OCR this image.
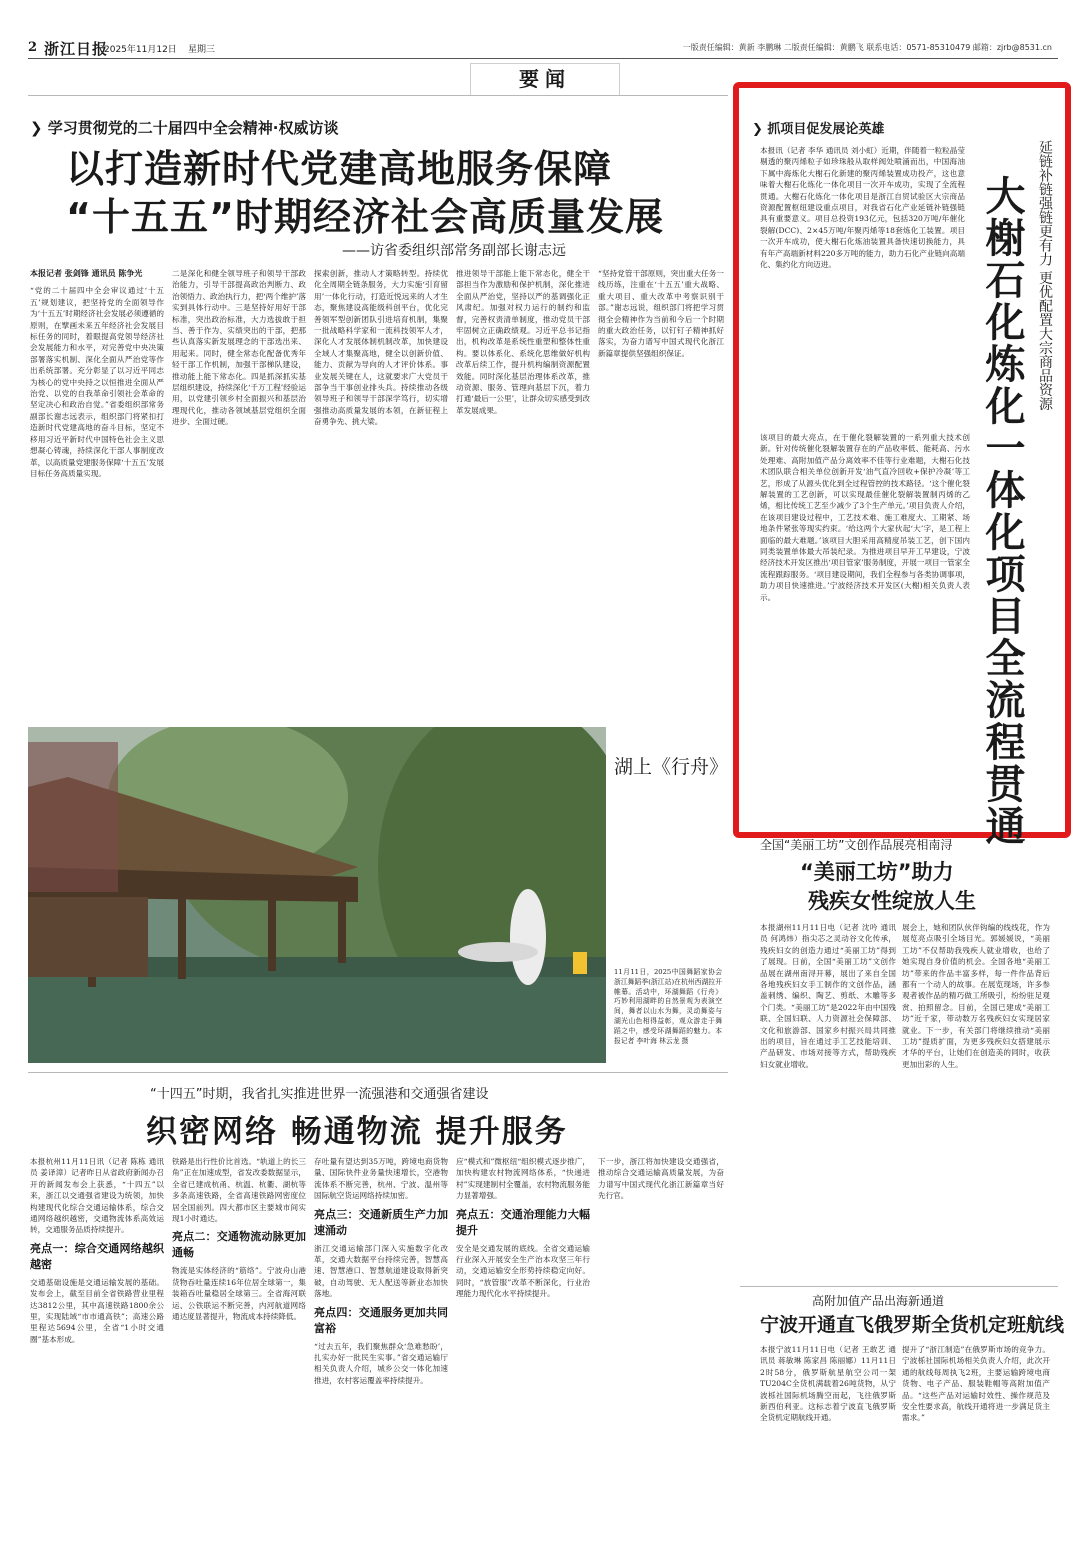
2 浙江日报
2025年11月12日 星期三	一版责任编辑：黄新 李鹏琳 二版责任编辑：黄鹏飞 联系电话：0571-85310479 邮箱：zjrb@8531.cn
要闻
❯ 学习贯彻党的二十届四中全会精神·权威访谈
以打造新时代党建高地服务保障
“十五五”时期经济社会高质量发展
——访省委组织部常务副部长谢志远
本报记者 张剑锋 通讯员 陈争光
“党的二十届四中全会审议通过‘十五五’规划建议，把坚持党的全面领导作为‘十五五’时期经济社会发展必须遵循的原则，在擘画未来五年经济社会发展目标任务的同时，着眼提高党领导经济社会发展能力和水平，对完善党中央决策部署落实机制、深化全面从严治党等作出系统部署。充分彰显了以习近平同志为核心的党中央持之以恒推进全面从严治党、以党的自我革命引领社会革命的坚定决心和政治自觉。”省委组织部常务副部长谢志远表示，组织部门将紧扣打造新时代党建高地的奋斗目标，坚定不移用习近平新时代中国特色社会主义思想凝心铸魂，持续深化干部人事制度改革，以高质量党建服务保障‘十五五’发展目标任务高质量实现。
二是深化和健全领导班子和领导干部政治能力，引导干部提高政治判断力、政治领悟力、政治执行力，把‘两个维护’落实到具体行动中。三是坚持好用好干部标准，突出政治标准，大力选拔敢于担当、善于作为、实绩突出的干部，把那些认真落实新发展理念的干部选出来、用起来。同时，健全常态化配备优秀年轻干部工作机制，加强干部梯队建设，推动能上能下常态化。四是抓深抓实基层组织建设，持续深化‘千万工程’经验运用，以党建引领乡村全面振兴和基层治理现代化，推动各领域基层党组织全面进步、全面过硬。
探索创新，推动人才策略转型。持续优化全周期全链条服务，大力实施‘引育留用’一体化行动，打造近悦远来的人才生态，聚焦建设高能级科创平台，优化完善领军型创新团队引进培育机制，集聚一批战略科学家和一流科技领军人才，深化人才发展体制机制改革，加快建设全域人才集聚高地，健全以创新价值、能力、贡献为导向的人才评价体系。事业发展关键在人，这就要求广大党员干部争当干事创业排头兵。持续推动各级领导班子和领导干部深学笃行，切实增强推动高质量发展的本领，在新征程上奋勇争先、挑大梁。
推进领导干部能上能下常态化，健全干部担当作为激励和保护机制，深化推进全面从严治党，坚持以严的基调强化正风肃纪。加强对权力运行的制约和监督，完善权责清单制度，推动党员干部牢固树立正确政绩观。习近平总书记指出，机构改革是系统性重塑和整体性重构。要以体系化、系统化思维做好机构改革后续工作，提升机构编制资源配置效能。同时深化基层治理体系改革，推动资源、服务、管理向基层下沉，着力打通‘最后一公里’，让群众切实感受到改革发展成果。
“坚持党管干部原则，突出重大任务一线历练，注重在‘十五五’重大战略、重大项目、重大改革中考察识别干部。”谢志远说，组织部门将把学习贯彻全会精神作为当前和今后一个时期的重大政治任务，以钉钉子精神抓好落实，为奋力谱写中国式现代化浙江新篇章提供坚强组织保证。
❯ 抓项目促发展论英雄
延链补链强链更有力 更优配置大宗商品资源
大榭石化炼化一体化项目全流程贯通
本报讯（记者 李华 通讯员 刘小虹）近期，伴随着一粒粒晶莹剔透的聚丙烯粒子如珍珠般从取样阀处喷涌而出，中国海油下属中海炼化大榭石化新建的聚丙烯装置成功投产，这也意味着大榭石化炼化一体化项目一次开车成功，实现了全流程贯通。大榭石化炼化一体化项目是浙江自贸试验区大宗商品资源配置枢纽建设重点项目，对我省石化产业延链补链强链具有重要意义。项目总投资193亿元，包括320万吨/年催化裂解(DCC)、2×45万吨/年聚丙烯等18套炼化工装置。项目一次开车成功，使大榭石化炼油装置具备快速切换能力，具有年产高端新材料220多万吨的能力，助力石化产业链向高端化、集约化方向迈进。
该项目的最大亮点，在于催化裂解装置的一系列重大技术创新。针对传统催化裂解装置存在的产品收率低、能耗高、污水处理难、高附加值产品分离效率不佳等行业难题，大榭石化技术团队联合相关单位创新开发‘油气直冷回收+保护冷凝’等工艺，形成了从源头优化到全过程管控的技术路径。‘这个催化裂解装置的工艺创新，可以实现最佳催化裂解装置制丙烯的乙烯，相比传统工艺至少减少了3个生产单元。’项目负责人介绍，在该项目建设过程中，工艺技术难、施工难度大、工期紧、场地条件紧张等现实约束。‘给这两个大家伙起‘大’字，是工程上面临的最大难题。’该项目大胆采用高精度吊装工艺，创下国内同类装置单体最大吊装纪录。为推进项目早开工早建设，宁波经济技术开发区推出‘项目管家’服务制度，开展一项目一管家全流程跟踪服务。‘项目建设期间，我们全程参与各类协调事项，助力项目快速推进。’宁波经济技术开发区(大榭)相关负责人表示。
湖上《行舟》
11月11日，2025中国舞蹈家协会浙江舞蹈季(浙江站)在杭州西湖拉开帷幕。活动中，环湖舞蹈《行舟》巧妙利用湖畔的自然景观为表演空间，舞者以山水为舞，灵动舞姿与湖光山色相得益彰，观众游走于舞蹈之中，感受环湖舞蹈的魅力。本报记者 李叶海 林云龙 摄
全国“美丽工坊”文创作品展亮相南浔
“美丽工坊”助力
残疾女性绽放人生
本报湖州11月11日电（记者 沈吟 通讯员 何鸿炜）指尖芯之灵动谷文化传承，残疾妇女的创造力通过“美丽工坊”得到了展现。日前，全国“美丽工坊”文创作品展在湖州南浔开幕，展出了来自全国各地残疾妇女手工制作的文创作品，涵盖刺绣、编织、陶艺、剪纸、木雕等多个门类。“美丽工坊”是2022年由中国残联、全国妇联、人力资源社会保障部、文化和旅游部、国家乡村振兴局共同推出的项目，旨在通过手工艺技能培训、产品研发、市场对接等方式，帮助残疾妇女就业增收。
展会上，她和团队伙伴钩编的线线花，作为展览亮点吸引全场目光。郭媛媛说，“美丽工坊”不仅帮助我残疾人就业增收，也给了她实现自身价值的机会。全国各地“美丽工坊”带来的作品丰富多样，每一件作品背后都有一个动人的故事。在展览现场，许多参观者被作品的精巧做工所吸引，纷纷驻足观赏、拍照留念。目前，全国已建成“美丽工坊”近千家，带动数万名残疾妇女实现居家就业。下一步，有关部门将继续推动“美丽工坊”提质扩面，为更多残疾妇女搭建展示才华的平台，让她们在创造美的同时，收获更加出彩的人生。
“十四五”时期，我省扎实推进世界一流强港和交通强省建设
织密网络 畅通物流 提升服务
本报杭州11月11日讯（记者 陈栋 通讯员 姜译漳）记者昨日从省政府新闻办召开的新闻发布会上获悉，“十四五”以来，浙江以交通强省建设为统领，加快构建现代化综合交通运输体系，综合交通网络越织越密，交通物流体系高效运转，交通服务品质持续提升。
亮点一：综合交通网络越织越密
交通基础设施是交通运输发展的基础。发布会上，截至目前全省铁路营业里程达3812公里，其中高速铁路1800余公里，实现陆域“市市通高铁”；高速公路里程达5694公里，全省“1小时交通圈”基本形成。
铁路是出行性价比首选。“轨道上的长三角”正在加速成型，省发改委数据显示，全省已建成杭甬、杭温、杭衢、湖杭等多条高速铁路，全省高速铁路网密度位居全国前列。四大都市区主要城市间实现1小时通达。
亮点二：交通物流动脉更加通畅
物流是实体经济的“筋络”。宁波舟山港货物吞吐量连续16年位居全球第一，集装箱吞吐量稳居全球第三。全省海河联运、公铁联运不断完善，内河航道网络通达度显著提升，物流成本持续降低。
存吐量有望达到35万吨，跨境电商货物量、国际快件业务量快速增长，空港物流体系不断完善，杭州、宁波、温州等国际航空货运网络持续加密。
亮点三：交通新质生产力加速涌动
浙江交通运输部门深入实施数字化改革，交通大数据平台持续完善，智慧高速、智慧港口、智慧航道建设取得新突破，自动驾驶、无人配送等新业态加快落地。
亮点四：交通服务更加共同富裕
“过去五年，我们聚焦群众‘急难愁盼’，扎实办好一批民生实事。”省交通运输厅相关负责人介绍，城乡公交一体化加速推进，农村客运覆盖率持续提升。
应“模式和”微枢纽“组织模式逐步推广，加快构建农村物流网络体系，“快递进村”实现建制村全覆盖，农村物流服务能力显著增强。
亮点五：交通治理能力大幅提升
安全是交通发展的底线。全省交通运输行业深入开展安全生产治本攻坚三年行动，交通运输安全形势持续稳定向好。同时，“放管服”改革不断深化，行业治理能力现代化水平持续提升。
下一步，浙江将加快建设交通强省，推动综合交通运输高质量发展，为奋力谱写中国式现代化浙江新篇章当好先行官。
高附加值产品出海新通道
宁波开通直飞俄罗斯全货机定班航线
本报宁波11月11日电（记者 王敢艺 通讯员 蒋敏琳 陈家昌 陈丽娜）11月11日2时58分，俄罗斯航星航空公司一架TU204C全货机满载着26吨货物，从宁波栎社国际机场腾空而起，飞往俄罗斯新西伯利亚。这标志着宁波直飞俄罗斯全货机定期航线开通。
提升了“浙江制造”在俄罗斯市场的竞争力。宁波栎社国际机场相关负责人介绍，此次开通的航线每周执飞2班，主要运输跨境电商货物、电子产品、服装鞋帽等高附加值产品。“这些产品对运输时效性、操作规范及安全性要求高，航线开通将进一步满足货主需求。”
